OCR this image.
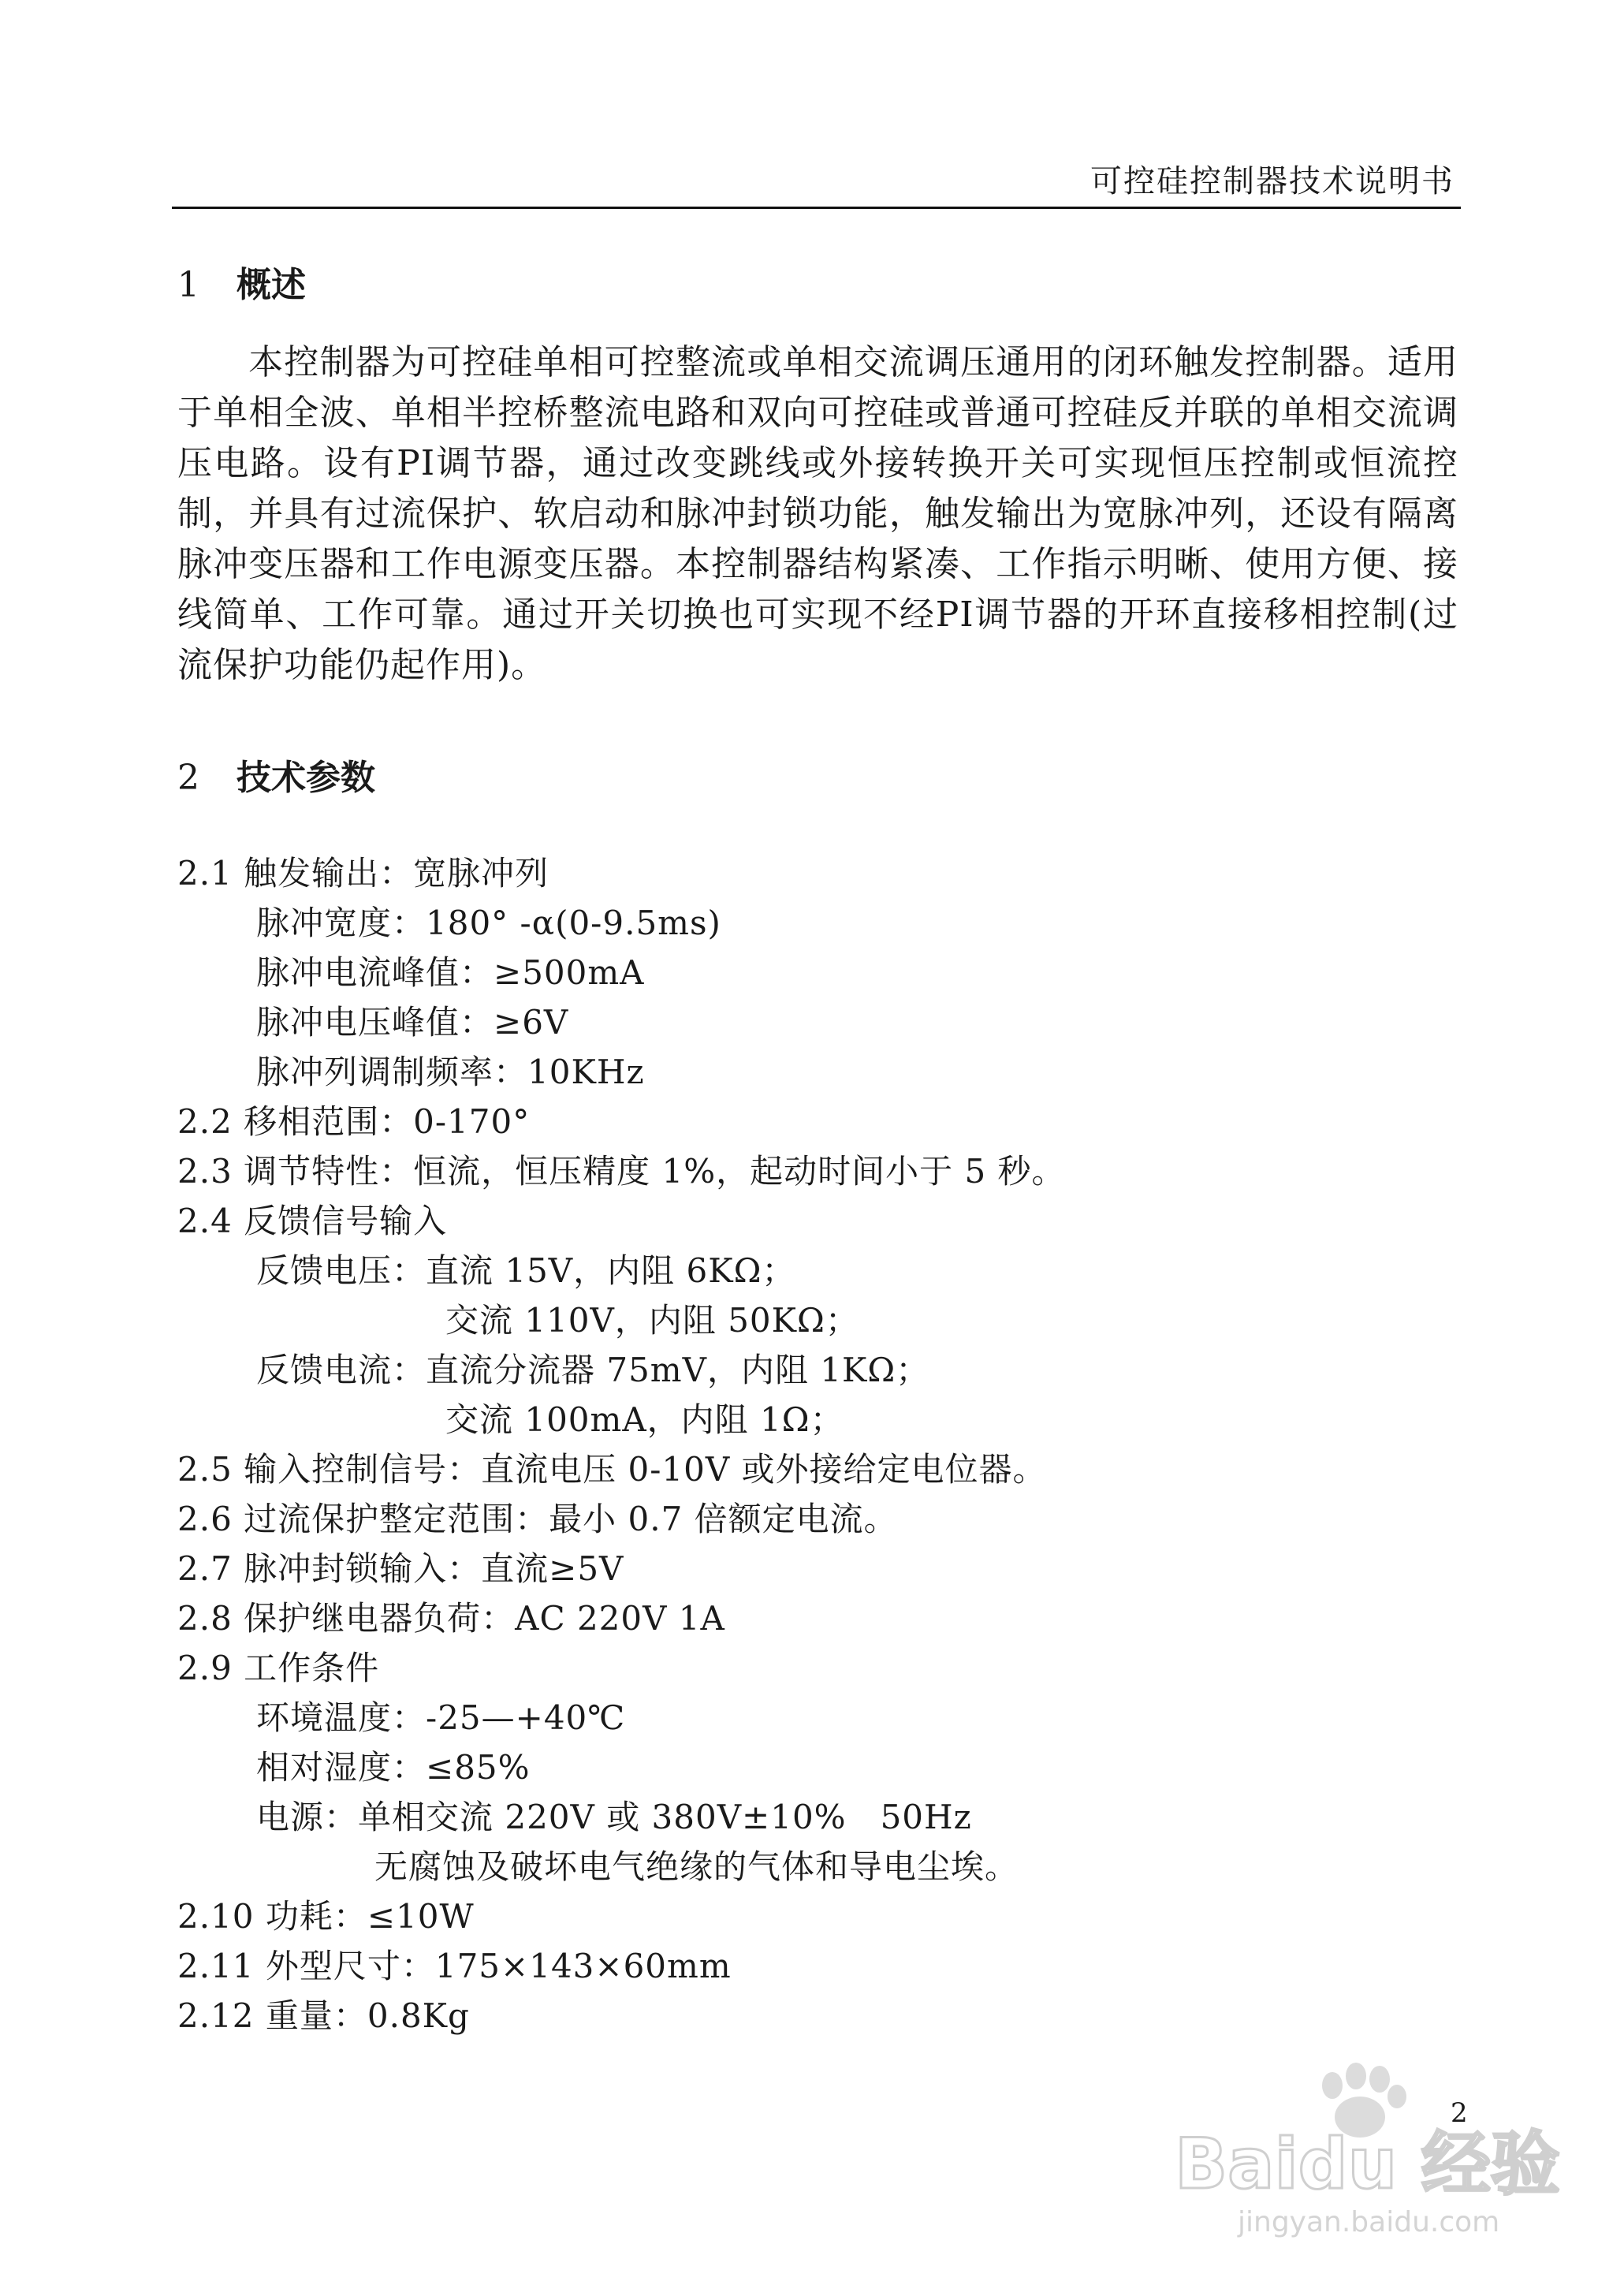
可控硅控制器技术说明书
1 概述

本控制器为可控硅单相可控整流或单相交流调压通用的闭环触发控制器。适用于单相全波、单相半控桥整流电路和双向可控硅或普通可控硅反并联的单相交流调压电路。设有PI调节器，通过改变跳线或外接转换开关可实现恒压控制或恒流控制，并具有过流保护、软启动和脉冲封锁功能，触发输出为宽脉冲列，还设有隔离脉冲变压器和工作电源变压器。本控制器结构紧凑、工作指示明晰、使用方便、接线简单、工作可靠。通过开关切换也可实现不经PI调节器的开环直接移相控制(过流保护功能仍起作用)。

2 技术参数
2.1 触发输出：宽脉冲列
脉冲宽度：180° -α(0-9.5ms)
脉冲电流峰值：≥500mA
脉冲电压峰值：≥6V
脉冲列调制频率：10KHz
2.2 移相范围：0-170°
2.3 调节特性：恒流，恒压精度 1%，起动时间小于 5 秒。
2.4 反馈信号输入
反馈电压：直流 15V，内阻 6KΩ；
交流 110V，内阻 50KΩ；
反馈电流：直流分流器 75mV，内阻 1KΩ；
交流 100mA，内阻 1Ω；
2.5 输入控制信号：直流电压 0-10V 或外接给定电位器。
2.6 过流保护整定范围：最小 0.7 倍额定电流。
2.7 脉冲封锁输入：直流≥5V
2.8 保护继电器负荷：AC 220V 1A
2.9 工作条件
环境温度：-25—+40℃
相对湿度：≤85%
电源：单相交流 220V 或 380V±10%　50Hz
无腐蚀及破坏电气绝缘的气体和导电尘埃。
2.10 功耗：≤10W
2.11 外型尺寸：175×143×60mm
2.12 重量：0.8Kg
2
Baidu 经验
jingyan.baidu.com
